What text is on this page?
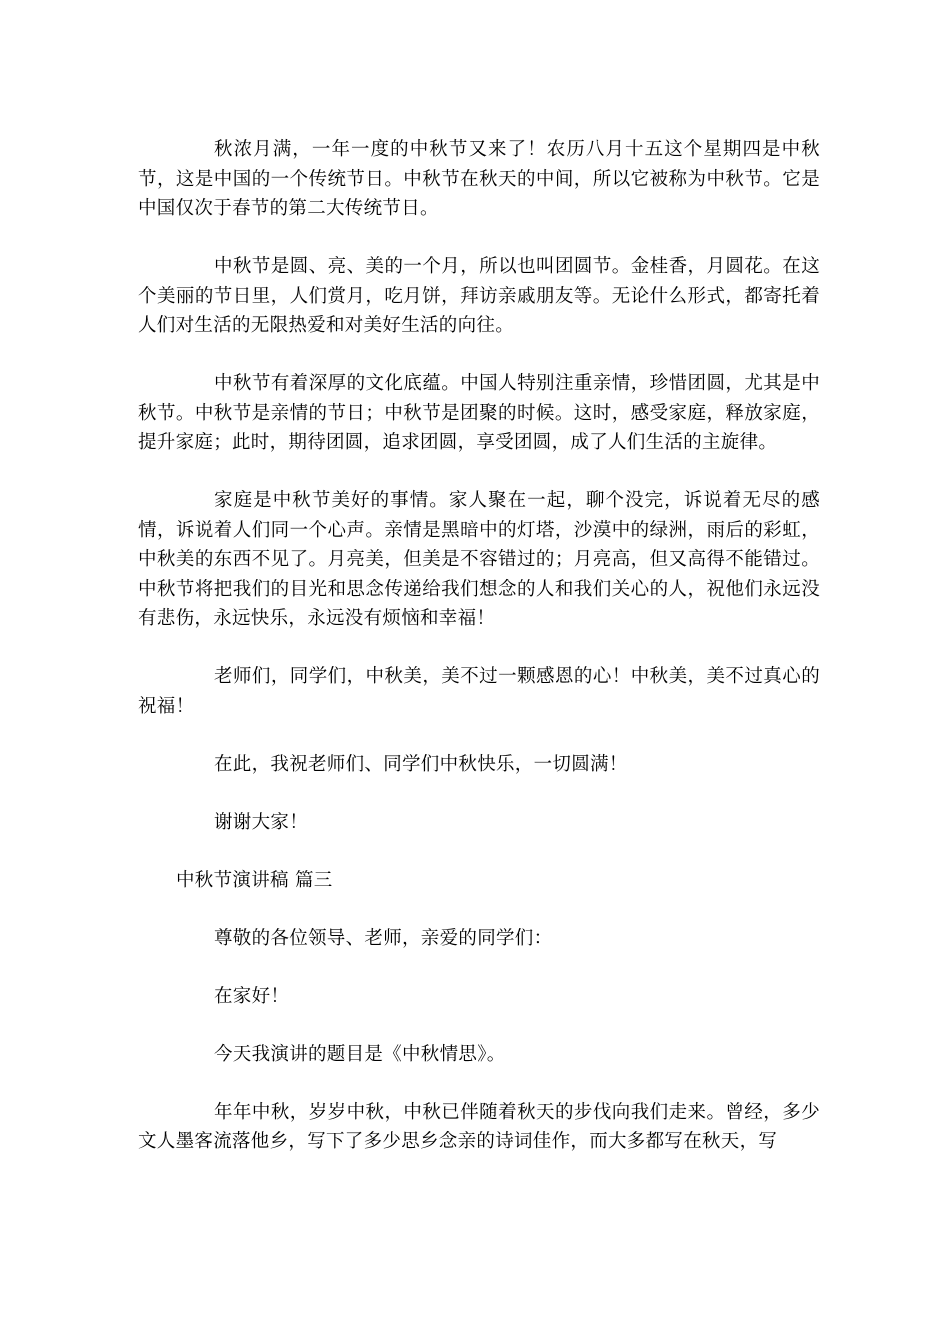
秋浓月满，一年一度的中秋节又来了！农历八月十五这个星期四是中秋节，这是中国的一个传统节日。中秋节在秋天的中间，所以它被称为中秋节。它是中国仅次于春节的第二大传统节日。

中秋节是圆、亮、美的一个月，所以也叫团圆节。金桂香，月圆花。在这个美丽的节日里，人们赏月，吃月饼，拜访亲戚朋友等。无论什么形式，都寄托着人们对生活的无限热爱和对美好生活的向往。

中秋节有着深厚的文化底蕴。中国人特别注重亲情，珍惜团圆，尤其是中秋节。中秋节是亲情的节日；中秋节是团聚的时候。这时，感受家庭，释放家庭，提升家庭；此时，期待团圆，追求团圆，享受团圆，成了人们生活的主旋律。

家庭是中秋节美好的事情。家人聚在一起，聊个没完，诉说着无尽的感情，诉说着人们同一个心声。亲情是黑暗中的灯塔，沙漠中的绿洲，雨后的彩虹，中秋美的东西不见了。月亮美，但美是不容错过的；月亮高，但又高得不能错过。中秋节将把我们的目光和思念传递给我们想念的人和我们关心的人，祝他们永远没有悲伤，永远快乐，永远没有烦恼和幸福！

老师们，同学们，中秋美，美不过一颗感恩的心！中秋美，美不过真心的祝福！

在此，我祝老师们、同学们中秋快乐，一切圆满！

谢谢大家！

中秋节演讲稿 篇三

尊敬的各位领导、老师，亲爱的同学们：

在家好！

今天我演讲的题目是《中秋情思》。

年年中秋，岁岁中秋，中秋已伴随着秋天的步伐向我们走来。曾经，多少文人墨客流落他乡，写下了多少思乡念亲的诗词佳作，而大多都写在秋天，写
